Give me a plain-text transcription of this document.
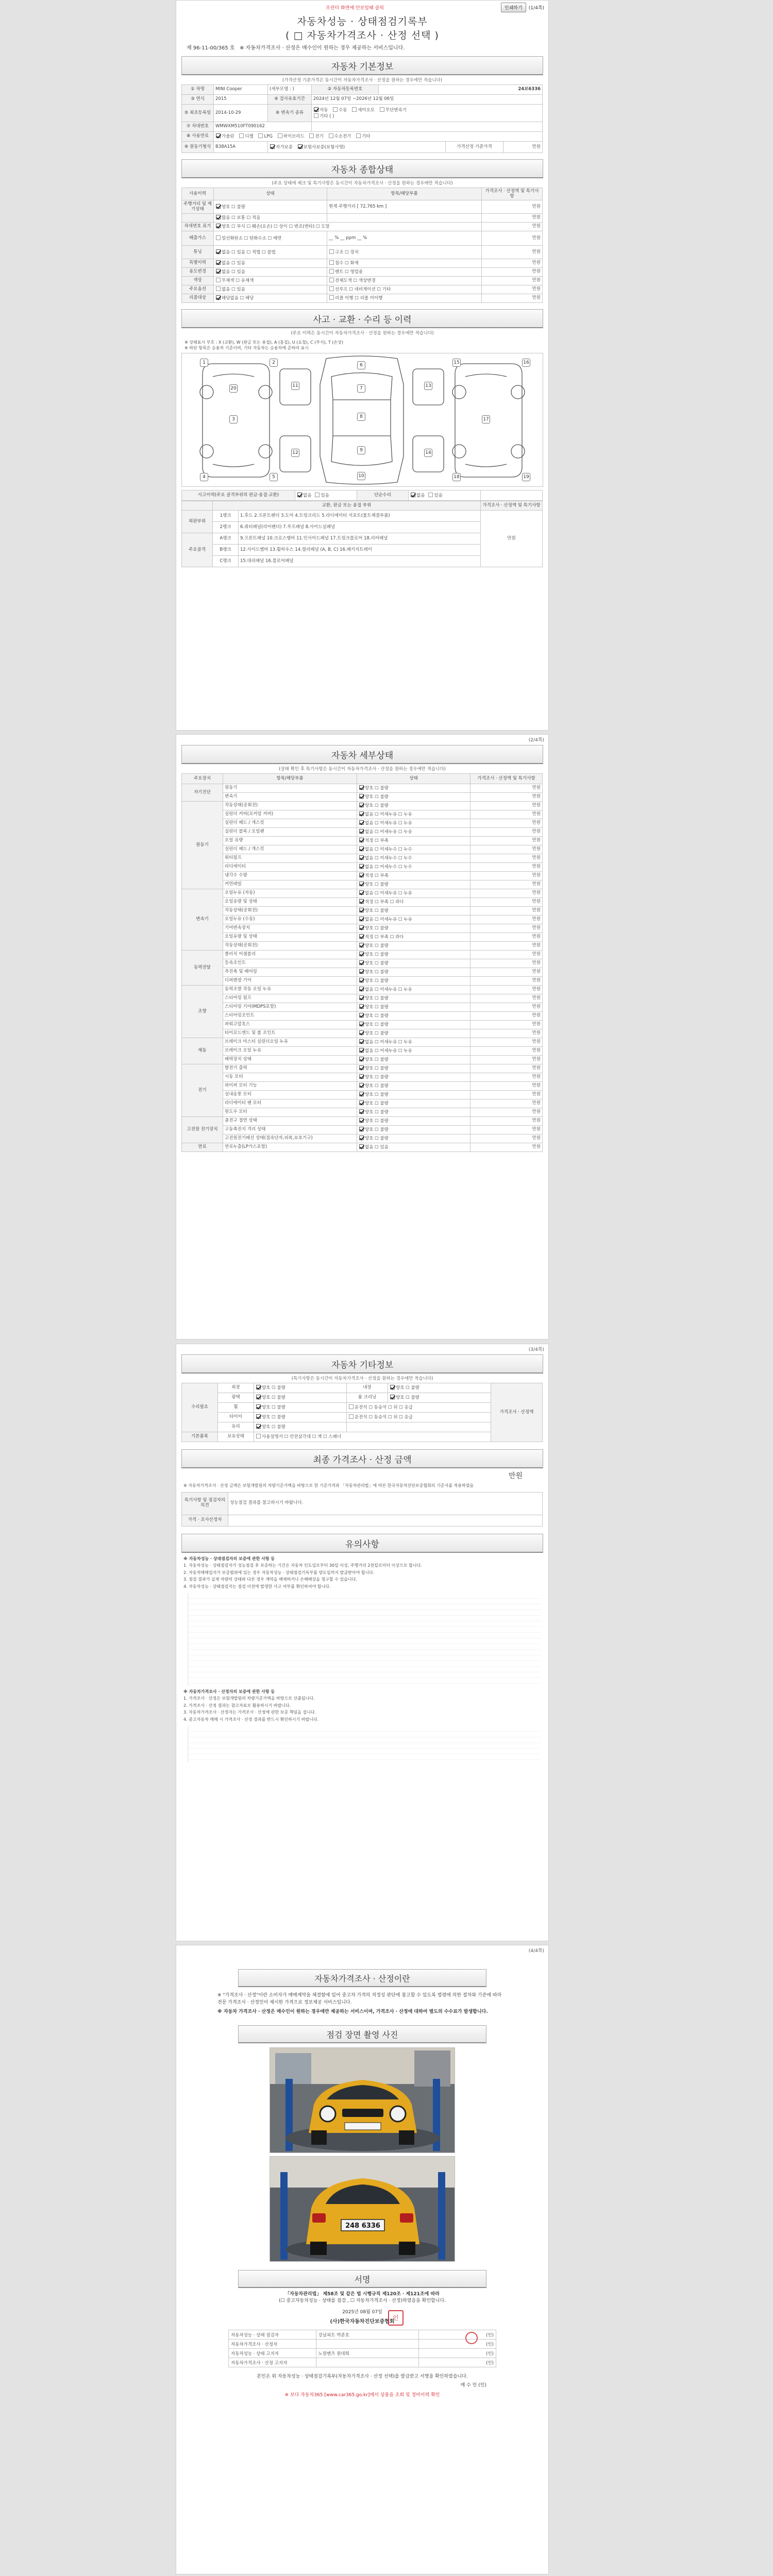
프린터 화면에 안보일때 클릭	인쇄하기	(1/4쪽)
자동차성능 · 상태점검기록부
( □ 자동차가격조사 · 산정 선택 )
제 96-11-00/365 호 ※ 자동차가격조사 · 산정은 매수인이 원하는 경우 제공하는 서비스입니다.
자동차 기본정보
(가격산정 기준가격은 동시간이 자동차가격조사 · 산정을 원하는 경우에만 적습니다)
① 차명	MINI Cooper	(세부모델 : )	② 자동차등록번호	24보6336		
③ 연식	2015	④ 검사유효기간	2024년 12월 07일 ~2026년 12월 06일			
⑤ 최초등록일	2014-10-29	⑥ 변속기 종류	자동 수동 세미오토 무단변속기
기타 ( )			
⑦ 차대번호	WMWXM510FT090162					
⑧ 사용연료	가솔린 디젤 LPG 하이브리드 전기 수소전기 기타					
⑨ 원동기형식	B38A15A	자가보증 보험사보증(보험사명)			가격산정 기준가격	만원
자동차 종합상태
(주요 상태에 체크 및 특기사항은 동시간이 자동차가격조사 · 산정을 원하는 경우에만 적습니다)
사용이력	상태	항목/해당부품	가격조사 · 산정액 및 특기사항
주행거리 및 계기상태	양호 ☐ 불량	현재 주행거리 [ 72,765 km ]	만원
	많음 ☐ 보통 ☐ 적음		만원
차대번호 표기	양호 ☐ 부식 ☐ 훼손(오손) ☐ 상이 ☐ 변조(변타) ☐ 도말		만원
배출가스	일산화탄소 ☐ 탄화수소 ☐ 매연	__ % __ ppm __ %	만원
튜닝	없음 ☐ 있음 ☐ 적법 ☐ 불법	구조 ☐ 장치	만원
특별이력	없음 ☐ 있음	침수 ☐ 화재	만원
용도변경	없음 ☐ 있음	렌트 ☐ 영업용	만원
색상	무채색 ☐ 유채색	전체도색 ☐ 색상변경	만원
주요옵션	없음 ☐ 있음	선루프 ☐ 네비게이션 ☐ 기타	만원
리콜대상	해당없음 ☐ 해당	리콜 이행 ☐ 리콜 미이행	만원
사고 · 교환 · 수리 등 이력
(주요 이력은 동시간이 자동차가격조사 · 산정을 원하는 경우에만 적습니다)
※ 상태표시 부호 : X (교환), W (판금 또는 용접), A (흠집), U (요철), C (부식), T (손상)
※ 하단 항목은 승용차 기준이며, 기타 자동차는 승용차에 준하여 표시
1	2
3
4	5
6
7
8
9
10
11
12
13
14
15	16
17
18	19
20
사고이력(주요 골격부위의 판금·용접·교환)	없음 있음	단순수리	없음 있음	
	교환, 판금 또는 용접 부위		가격조사 · 산정액 및 특기사항
외판부위	1랭크	1.후드 2.프론트펜더 3.도어 4.트렁크리드 5.라디에이터 서포트(볼트체결부품)	만원
	2랭크	6.쿼터패널(리어펜더) 7.루프패널 8.사이드실패널	
주요골격	A랭크	9.프론트패널 10.크로스멤버 11.인사이드패널 17.트렁크플로어 18.리어패널	
	B랭크	12.사이드멤버 13.휠하우스 14.필러패널 (A, B, C) 16.패키지트레이	
	C랭크	15.대쉬패널 16.플로어패널	
(2/4쪽)
자동차 세부상태
(상태 확인 후 특기사항은 동시간이 자동차가격조사 · 산정을 원하는 경우에만 적습니다)
주요장치	항목/해당부품	상태	가격조사 · 산정액 및 특기사항
자기진단	원동기	양호 ☐ 불량	만원
	변속기	양호 ☐ 불량	만원
원동기	작동상태(공회전)	양호 ☐ 불량	만원
	실린더 커버(로커암 커버)	없음 ☐ 미세누유 ☐ 누유	만원
	실린더 헤드 / 개스킷	없음 ☐ 미세누유 ☐ 누유	만원
	실린더 블록 / 오일팬	없음 ☐ 미세누유 ☐ 누유	만원
	오일 유량	적정 ☐ 부족	만원
	실린더 헤드 / 개스킷	없음 ☐ 미세누수 ☐ 누수	만원
	워터펌프	없음 ☐ 미세누수 ☐ 누수	만원
	라디에이터	없음 ☐ 미세누수 ☐ 누수	만원
	냉각수 수량	적정 ☐ 부족	만원
	커먼레일	양호 ☐ 불량	만원
변속기	오일누유 (자동)	없음 ☐ 미세누유 ☐ 누유	만원
	오일유량 및 상태	적정 ☐ 부족 ☐ 과다	만원
	작동상태(공회전)	양호 ☐ 불량	만원
	오일누유 (수동)	없음 ☐ 미세누유 ☐ 누유	만원
	기어변속장치	양호 ☐ 불량	만원
	오일유량 및 상태	적정 ☐ 부족 ☐ 과다	만원
	작동상태(공회전)	양호 ☐ 불량	만원
동력전달	클러치 어셈블리	양호 ☐ 불량	만원
	등속조인트	양호 ☐ 불량	만원
	추진축 및 베어링	양호 ☐ 불량	만원
	디퍼렌셜 기어	양호 ☐ 불량	만원
조향	동력조향 작동 오일 누유	없음 ☐ 미세누유 ☐ 누유	만원
	스티어링 펌프	양호 ☐ 불량	만원
	스티어링 기어(MDPS포함)	양호 ☐ 불량	만원
	스티어링조인트	양호 ☐ 불량	만원
	파워고압호스	양호 ☐ 불량	만원
	타이로드엔드 및 볼 조인트	양호 ☐ 불량	만원
제동	브레이크 마스터 실린더오일 누유	없음 ☐ 미세누유 ☐ 누유	만원
	브레이크 오일 누유	없음 ☐ 미세누유 ☐ 누유	만원
	배력장치 상태	양호 ☐ 불량	만원
전기	발전기 출력	양호 ☐ 불량	만원
	시동 모터	양호 ☐ 불량	만원
	와이퍼 모터 기능	양호 ☐ 불량	만원
	실내송풍 모터	양호 ☐ 불량	만원
	라디에이터 팬 모터	양호 ☐ 불량	만원
	윈도우 모터	양호 ☐ 불량	만원
고전원 전기장치	충전구 절연 상태	양호 ☐ 불량	만원
	구동축전지 격리 상태	양호 ☐ 불량	만원
	고전원전기배선 상태(접속단자,피복,보호기구)	양호 ☐ 불량	만원
연료	연료누출(LP가스포함)	없음 ☐ 있음	만원
(3/4쪽)
자동차 기타정보
(특기사항은 동시간이 자동차가격조사 · 산정을 원하는 경우에만 적습니다)
수리필요	외장	양호 ☐ 불량	내장	양호 ☐ 불량	가격조사 · 산정액
	광택	양호 ☐ 불량	룸 크리닝	양호 ☐ 불량	
	휠	양호 ☐ 불량	운전석 ☐ 동승석 ☐ 뒤 ☐ 응급		
	타이어	양호 ☐ 불량	운전석 ☐ 동승석 ☐ 뒤 ☐ 응급		
	유리	양호 ☐ 불량			
기본품목	보유상태	사용설명서 ☐ 안전삼각대 ☐ 잭 ☐ 스패너			
최종 가격조사 · 산정 금액
만원
※ 자동차가격조사 · 산정 금액은 보험개발원의 차량기준가액을 바탕으로 한 기준가격과 「자동차관리법」에 따른 한국자동차진단보증협회의 기준서를 적용하였음
특기사항 및 점검자의 의견	성능점검 결과를 참고하시기 바랍니다.
가격 · 조사산정자	
유의사항

※ 자동차성능 · 상태점검자의 보증에 관한 사항 등

1. 자동차성능 · 상태점검자가 성능점검 후 보증하는 기간은 자동차 인도일로부터 30일 이상, 주행거리 2천킬로미터 이상으로 합니다.

2. 자동차매매업자가 보증범위에 있는 경우 자동차성능 · 상태점검기록부를 양도일까지 발급받아야 합니다.

3. 점검 결과가 실제 차량의 상태와 다른 경우 계약을 해제하거나 손해배상을 청구할 수 있습니다.

4. 자동차성능 · 상태점검자는 점검 이전에 발생한 사고 여부를 확인하여야 합니다.

※ 자동차가격조사 · 산정자의 보증에 관한 사항 등

1. 가격조사 · 산정은 보험개발원의 차량기준가액을 바탕으로 산출됩니다.

2. 가격조사 · 산정 결과는 참고자료로 활용하시기 바랍니다.

3. 자동차가격조사 · 산정자는 가격조사 · 산정에 관한 보증 책임을 집니다.

4. 중고자동차 매매 시 가격조사 · 산정 결과를 반드시 확인하시기 바랍니다.

(4/4쪽)
자동차가격조사 · 산정이란

※ "가격조사 · 산정"이란 소비자가 매매계약을 체결함에 있어 중고차 가격의 적정성 판단에 참고할 수 있도록 법령에 의한 절차와 기준에 따라 전문 가격조사 · 산정인이 제시한 가격으로 정보제공 서비스입니다.

※ 자동차 가격조사 · 산정은 매수인이 원하는 경우에만 제공하는 서비스이며, 가격조사 · 산정에 대하여 별도의 수수료가 발생합니다.

점검 장면 촬영 사진
248 6336
서명
「자동차관리법」 제58조 및 같은 법 시행규칙 제120조 · 제121조에 따라
(☐ 중고자동차성능 · 상태를 점검 , ☐ 자동차가격조사 · 산정)하였음을 확인합니다.
2025년 08월 07일
(사)한국자동차진단보증협회
자동차성능 · 상태 점검자	강남피트 박준호	(인)
자동차가격조사 · 산정자		(인)
자동차성능 · 상태 고지자	노원벤츠 원대희	(인)
자동차가격조사 · 산정 고지자		(인)
인
본인은 위 자동차성능 · 상태점검기록부(자동차가격조사 · 산정 선택)를 발급받고 서명을 확인하였습니다.
매 수 인 (인)
※ 보다 자동차365 [www.car365.go.kr]에서 상품을 조회 및 정비이력 확인
